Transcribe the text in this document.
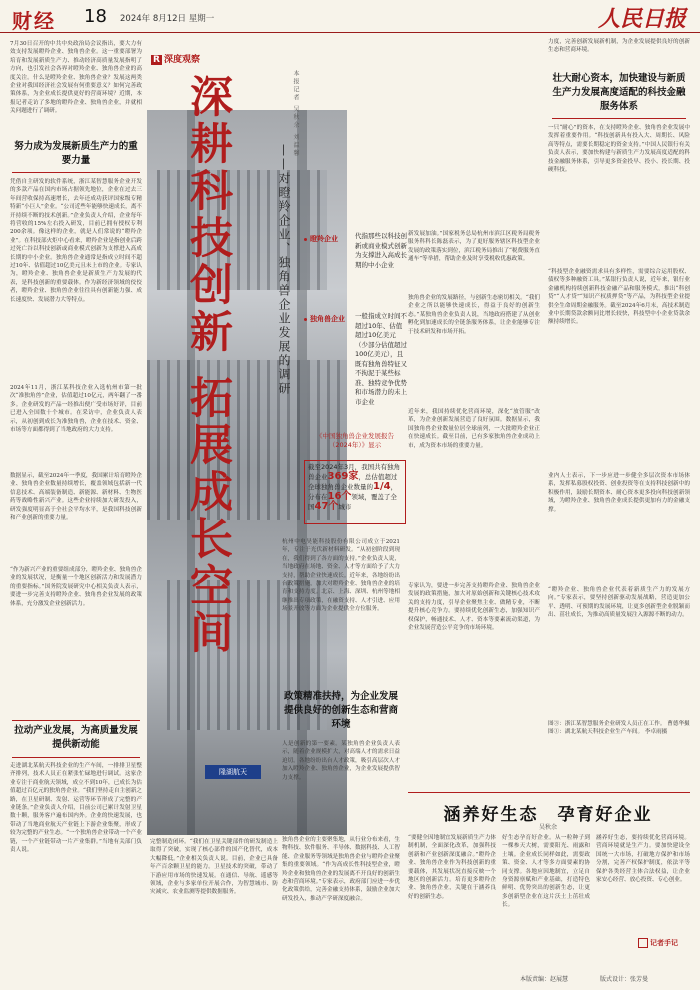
财经 18 2024年 8月12日 星期一	人民日报
7月30日召开的中共中央政治局会议指出，要大力有效支持发展瞪羚企业、独角兽企业。这一重要部署为培育和发展新质生产力、推动经济高质量发展指明了方向，也引发社会各界对瞪羚企业、独角兽企业的高度关注。什么是瞪羚企业、独角兽企业？发展这两类企业对我国经济社会发展有何重要意义？如何完善政策体系，为企业成长提供更好的营商环境？近期，本报记者走访了多地的瞪羚企业、独角兽企业，并就相关问题进行了调研。
努力成为发展新质生产力的重要力量
凭借自主研发的软件系统，浙江某智慧服务企业开发的多款产品在国内市场占据领先地位，企业在过去三年间营收保持高速增长，去年还成功获评国家级专精特新“小巨人”企业。“公司近些年能够快速成长，离不开持续不断的技术创新。”企业负责人介绍，企业每年将营收的15%左右投入研发，目前已拥有授权专利200余项。像这样的企业，就是人们常说的“瞪羚企业”。在科技部火炬中心看来，瞪羚企业是指创业后跨过死亡谷以科技创新或商业模式创新为支撑进入高成长期的中小企业。独角兽企业通常是指成立时间不超过10年、估值超过10亿美元且未上市的企业。专家认为，瞪羚企业、独角兽企业是新质生产力发展的代表，是科技创新的重要载体。作为新经济领域的佼佼者，瞪羚企业、独角兽企业往往具有创新能力强、成长速度快、发展潜力大等特点。
2024年11月，浙江某科技企业入选杭州市第一批次“准独角兽”企业，估值超过10亿元，两年翻了一番多。企业研发的产品一经推出便广受市场好评，目前已进入全国数十个城市。在采访中，企业负责人表示，从初创到成长为准独角兽，企业在技术、资金、市场等方面都得到了当地政府的大力支持。
数据显示，截至2024年一季度，我国累计培育瞪羚企业、独角兽企业数量持续增长，覆盖领域包括新一代信息技术、高端装备制造、新能源、新材料、生物医药等战略性新兴产业。这些企业持续加大研发投入，研发强度明显高于全社会平均水平，是我国科技创新和产业创新的重要力量。
“作为新兴产业的重要组成部分，瞪羚企业、独角兽企业的发展状况，是衡量一个地区创新活力和发展潜力的重要指标。”国务院发展研究中心相关负责人表示，要进一步完善支持瞪羚企业、独角兽企业发展的政策体系，充分激发企业创新活力。
拉动产业发展，为高质量发展提供新动能
走进湖北某航天科技企业的生产车间，一排排卫星整齐排列，技术人员正在紧张忙碌地进行调试。这家企业专注于商业航天领域，成立不到10年，已成长为估值超过百亿元的独角兽企业。“我们坚持走自主创新之路，在卫星研制、发射、运营等环节形成了完整的产业链条。”企业负责人介绍，目前公司已累计发射卫星数十颗，服务客户遍布国内外。企业的快速发展，也带动了当地商业航天产业链上下游企业集聚，形成了较为完整的产业生态。“一个独角兽企业带动一个产业链，一个产业链带动一片产业集群。”当地有关部门负责人说。
R 深度观察
隆湖航天
深耕科技创新 拓展成长空间	——对瞪羚企业、独角兽企业发展的调研
本报记者 吴秋余 刘温馨
瞪羚企业	代指那些以科技创新或商业模式创新为支撑进入高成长期的中小企业
独角兽企业 一般指成立时间不超过10年、估值超过10亿美元（少部分估值超过100亿美元），且既有独角兽特征又不拘泥于某些标准、独特竞争优势和市场潜力的未上市企业
《中国独角兽企业发展报告（2024年）》显示
截至2024年3月，我国共有独角兽企业369家，总估值超过全球独角兽企业数量的1/4，分布在16个领域，覆盖了全国47个城市
完整制造闭环。“我们在卫星关键部件的研发制造上取得了突破，实现了核心部件的国产化替代，成本大幅降低。”企业相关负责人说。目前，企业已具备年产百余颗卫星的能力。卫星技术的突破，带动了下游应用市场的快速发展。在通信、导航、遥感等领域，企业与多家单位开展合作，为智慧城市、防灾减灾、农业监测等提供数据服务。
独角兽企业的主要聚集地，从行业分布来看，生物科技、软件服务、半导体、数据科技、人工智能、企业服务等领域是独角兽企业与瞪羚企业聚集的重要领域。“作为高成长性科技型企业，瞪羚企业和独角兽企业的发展离不开良好的创新生态和营商环境。”专家表示，政府部门应进一步优化政策供给，完善金融支持体系，鼓励企业加大研发投入，推动产学研深度融合。
政策精准扶持，为企业发展提供良好的创新生态和营商环境
杭州中电昊能科技股份有限公司成立于2021年，专注于光伏新材料研发。“从初创阶段到现在，我们得到了各方面的支持。”企业负责人说，当地政府在场地、资金、人才等方面给予了大力支持，帮助企业快速成长。近年来，各地纷纷出台政策措施，加大对瞪羚企业、独角兽企业的培育和支持力度。北京、上海、深圳、杭州等地相继推出专项政策，在融资支持、人才引进、应用场景开放等方面为企业提供全方位服务。
人是创新的第一要素。某独角兽企业负责人表示，随着企业规模扩大，对高端人才的需求日益迫切。各地纷纷出台人才政策，吸引高层次人才加入瞪羚企业、独角兽企业，为企业发展提供智力支撑。
新发展加油。”国家税务总局杭州市滨江区税务局税务服务科科长陈磊表示，为了更好服务辖区科技型企业发展的政策落实到位，滨江税务局推出了“税费服务直通车”等举措，帮助企业及时享受税收优惠政策。
独角兽企业的发展路径，与创新生态密切相关。“我们企业之所以能够快速成长，得益于良好的创新生态。”某独角兽企业负责人说，当地政府搭建了从创业孵化到加速成长的全链条服务体系，让企业能够专注于技术研发和市场开拓。
近年来，我国持续优化营商环境，深化“放管服”改革，为企业创新发展营造了良好氛围。数据显示，我国独角兽企业数量位居全球前列，一大批瞪羚企业正在快速成长。截至目前，已有多家独角兽企业成功上市，成为资本市场的重要力量。
专家认为，要进一步完善支持瞪羚企业、独角兽企业发展的政策措施，加大对原始创新和关键核心技术攻关的支持力度，引导企业聚焦主业、做精专业，不断提升核心竞争力。要持续优化创新生态，加强知识产权保护，畅通技术、人才、资本等要素流动渠道，为企业发展营造公平竞争的市场环境。
力度，完善创新发展新机制，为企业发展提供良好的创新生态和营商环境。
壮大耐心资本，加快建设与新质生产力发展高度适配的科技金融服务体系
一只“耐心”的资本，在支持瞪羚企业、独角兽企业发展中发挥着重要作用。“科技创新具有投入大、周期长、风险高等特点，需要长期稳定的资金支持。”中国人民银行有关负责人表示，要加快构建与新质生产力发展高度适配的科技金融服务体系，引导更多资金投早、投小、投长期、投硬科技。
“科技型企业融资需求具有多样性，需要综合运用股权、债权等多种融资工具。”某银行负责人说，近年来，银行业金融机构持续创新科技金融产品和服务模式，推出“科创贷”“人才贷”“知识产权质押贷”等产品，为科技型企业提供全生命周期金融服务。截至2024年6月末，高技术制造业中长期贷款余额同比增长较快，科技型中小企业贷款余额持续增长。
业内人士表示，下一步应进一步健全多层次资本市场体系，发挥私募股权投资、创业投资等在支持科技创新中的积极作用，鼓励长期资本、耐心资本更多投向科技创新领域，为瞪羚企业、独角兽企业成长提供更加有力的金融支撑。
“瞪羚企业、独角兽企业代表着新质生产力的发展方向。”专家表示，要坚持创新驱动发展战略，营造更加公平、透明、可预期的发展环境，让更多创新型企业脱颖而出、茁壮成长，为推动高质量发展注入源源不断的动力。
图③：浙江某智慧服务企业研发人员正在工作。 曹德华摄
图①：湖北某航天科技企业生产车间。 李卓雨摄
涵养好生态　孕育好企业
吴秋余
“要健全因地制宜发展新质生产力体制机制，全面深化改革，加强科技创新和产业创新深度融合。”瞪羚企业、独角兽企业作为科技创新的重要载体，其发展状况直接反映一个地区的创新活力。培育更多瞪羚企业、独角兽企业，关键在于涵养良好的创新生态。
好生态孕育好企业。从一粒种子到一棵参天大树，需要阳光、雨露和土壤。企业成长同样如此，需要政策、资金、人才等多方面要素的协同支撑。各地应因地制宜，立足自身资源禀赋和产业基础，打造特色鲜明、优势突出的创新生态，让更多创新型企业在这片沃土上茁壮成长。
涵养好生态，要持续优化营商环境。营商环境就是生产力。要加快建设全国统一大市场，打破地方保护和市场分割，完善产权保护制度，依法平等保护各类经营主体合法权益，让企业家安心经营、放心投资、专心创业。
记者手记
本版责编：赵展慧	版式设计：张芳曼
